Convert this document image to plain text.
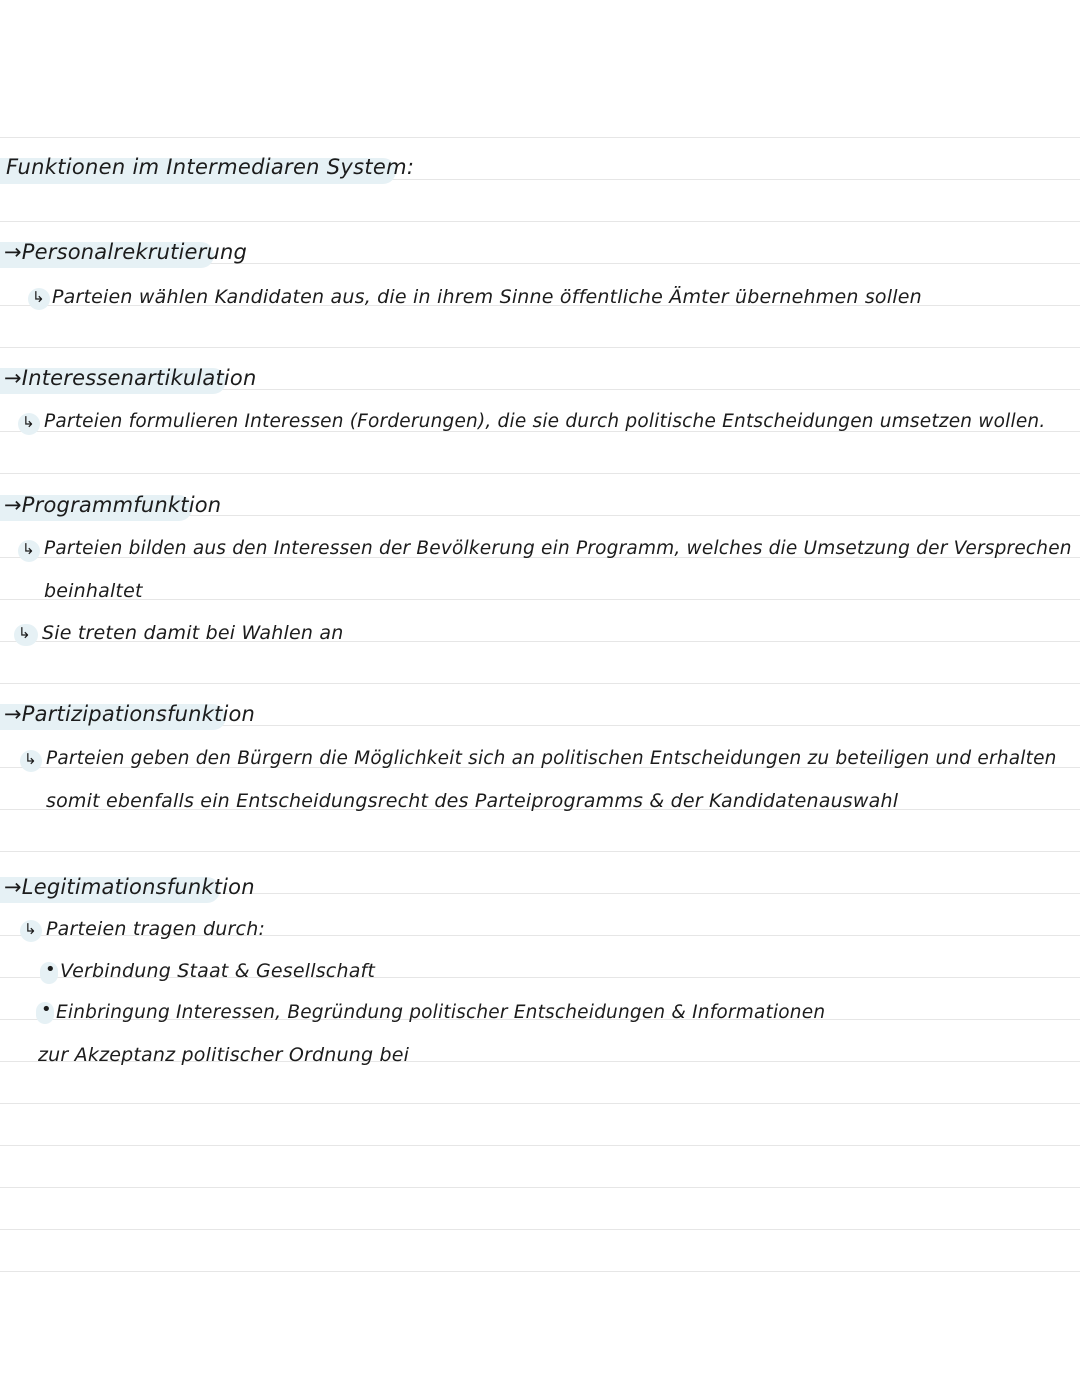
Funktionen im Intermediaren System:
→Personalrekrutierung
↳ Parteien wählen Kandidaten aus, die in ihrem Sinne öffentliche Ämter übernehmen sollen
→Interessenartikulation
↳ Parteien formulieren Interessen (Forderungen), die sie durch politische Entscheidungen umsetzen wollen.
→Programmfunktion
↳ Parteien bilden aus den Interessen der Bevölkerung ein Programm, welches die Umsetzung der Versprechen
beinhaltet
↳ Sie treten damit bei Wahlen an
→Partizipationsfunktion
↳ Parteien geben den Bürgern die Möglichkeit sich an politischen Entscheidungen zu beteiligen und erhalten
somit ebenfalls ein Entscheidungsrecht des Parteiprogramms & der Kandidatenauswahl
→Legitimationsfunktion
↳ Parteien tragen durch:
• Verbindung Staat & Gesellschaft
• Einbringung Interessen, Begründung politischer Entscheidungen & Informationen
zur Akzeptanz politischer Ordnung bei
